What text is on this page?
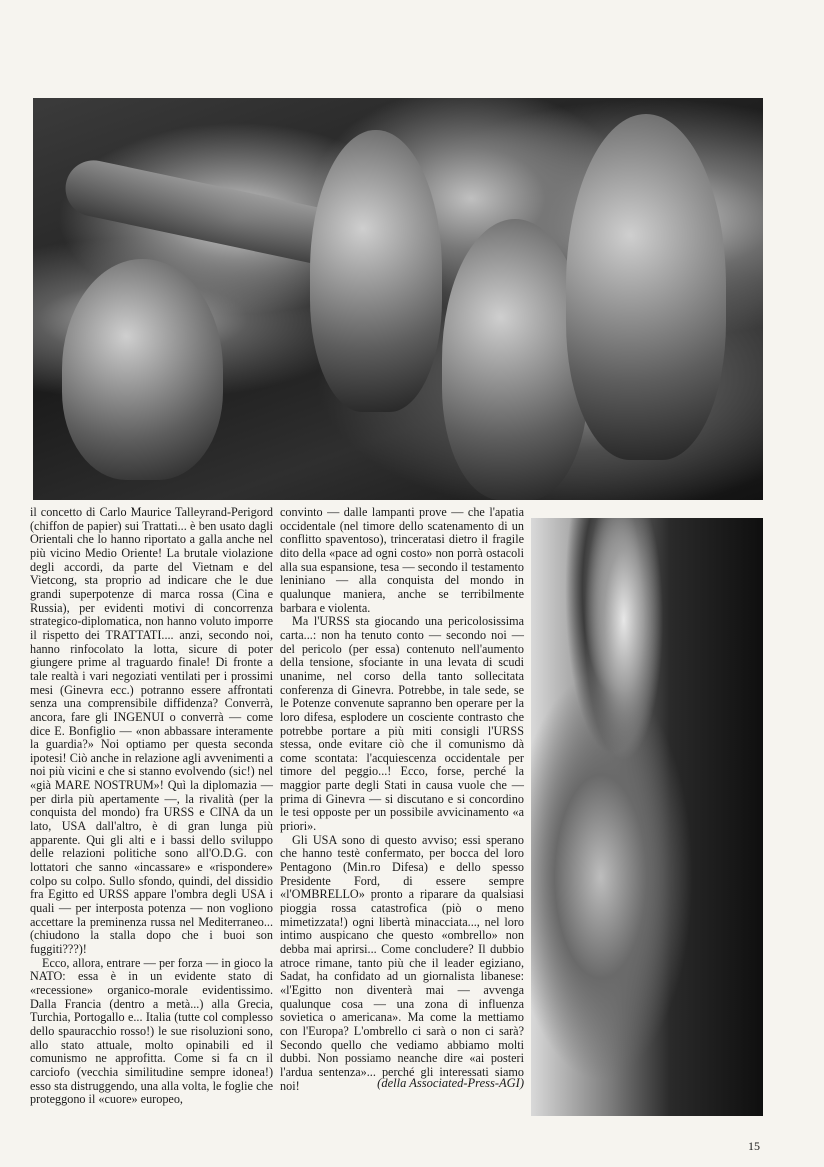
il concetto di Carlo Maurice Talleyrand-Perigord (chiffon de papier) sui Trattati... è ben usato dagli Orientali che lo hanno riportato a galla anche nel più vicino Medio Oriente! La brutale violazione degli accordi, da parte del Vietnam e del Vietcong, sta proprio ad indicare che le due grandi superpotenze di marca rossa (Cina e Russia), per evidenti motivi di concorrenza strategico-diplomatica, non hanno voluto imporre il rispetto dei TRATTATI.... anzi, secondo noi, hanno rinfocolato la lotta, sicure di poter giungere prime al traguardo finale! Di fronte a tale realtà i vari negoziati ventilati per i prossimi mesi (Ginevra ecc.) potranno essere affrontati senza una comprensibile diffidenza? Converrà, ancora, fare gli INGENUI o converrà — come dice E. Bonfiglio — «non abbassare interamente la guardia?» Noi optiamo per questa seconda ipotesi! Ciò anche in relazione agli avvenimenti a noi più vicini e che si stanno evolvendo (sic!) nel «già MARE NOSTRUM»! Quì la diplomazia — per dirla più apertamente —, la rivalità (per la conquista del mondo) fra URSS e CINA da un lato, USA dall'altro, è di gran lunga più apparente. Qui gli alti e i bassi dello sviluppo delle relazioni politiche sono all'O.D.G. con lottatori che sanno «incassare» e «rispondere» colpo su colpo. Sullo sfondo, quindi, del dissidio fra Egitto ed URSS appare l'ombra degli USA i quali — per interposta potenza — non vogliono accettare la preminenza russa nel Mediterraneo... (chiudono la stalla dopo che i buoi son fuggiti???)!

Ecco, allora, entrare — per forza — in gioco la NATO: essa è in un evidente stato di «recessione» organico-morale evidentissimo. Dalla Francia (dentro a metà...) alla Grecia, Turchia, Portogallo e... Italia (tutte col complesso dello spauracchio rosso!) le sue risoluzioni sono, allo stato attuale, molto opinabili ed il comunismo ne approfitta. Come si fa cn il carciofo (vecchia similitudine sempre idonea!) esso sta distruggendo, una alla volta, le foglie che proteggono il «cuore» europeo,

convinto — dalle lampanti prove — che l'apatia occidentale (nel timore dello scatenamento di un conflitto spaventoso), trinceratasi dietro il fragile dito della «pace ad ogni costo» non porrà ostacoli alla sua espansione, tesa — secondo il testamento leniniano — alla conquista del mondo in qualunque maniera, anche se terribilmente barbara e violenta.

Ma l'URSS sta giocando una pericolosissima carta...: non ha tenuto conto — secondo noi — del pericolo (per essa) contenuto nell'aumento della tensione, sfociante in una levata di scudi unanime, nel corso della tanto sollecitata conferenza di Ginevra. Potrebbe, in tale sede, se le Potenze convenute sapranno ben operare per la loro difesa, esplodere un cosciente contrasto che potrebbe portare a più miti consigli l'URSS stessa, onde evitare ciò che il comunismo dà come scontata: l'acquiescenza occidentale per timore del peggio...! Ecco, forse, perché la maggior parte degli Stati in causa vuole che — prima di Ginevra — si discutano e si concordino le tesi opposte per un possibile avvicinamento «a priori».

Gli USA sono di questo avviso; essi sperano che hanno testè confermato, per bocca del loro Pentagono (Min.ro Difesa) e dello spesso Presidente Ford, di essere sempre «l'OMBRELLO» pronto a riparare da qualsiasi pioggia rossa catastrofica (piò o meno mimetizzata!) ogni libertà minacciata..., nel loro intimo auspicano che questo «ombrello» non debba mai aprirsi... Come concludere? Il dubbio atroce rimane, tanto più che il leader egiziano, Sadat, ha confidato ad un giornalista libanese: «l'Egitto non diventerà mai — avvenga qualunque cosa — una zona di influenza sovietica o americana». Ma come la mettiamo con l'Europa? L'ombrello ci sarà o non ci sarà? Secondo quello che vediamo abbiamo molti dubbi. Non possiamo neanche dire «ai posteri l'ardua sentenza»... perché gli interessati siamo noi!	(della Associated-Press-AGI)
15
